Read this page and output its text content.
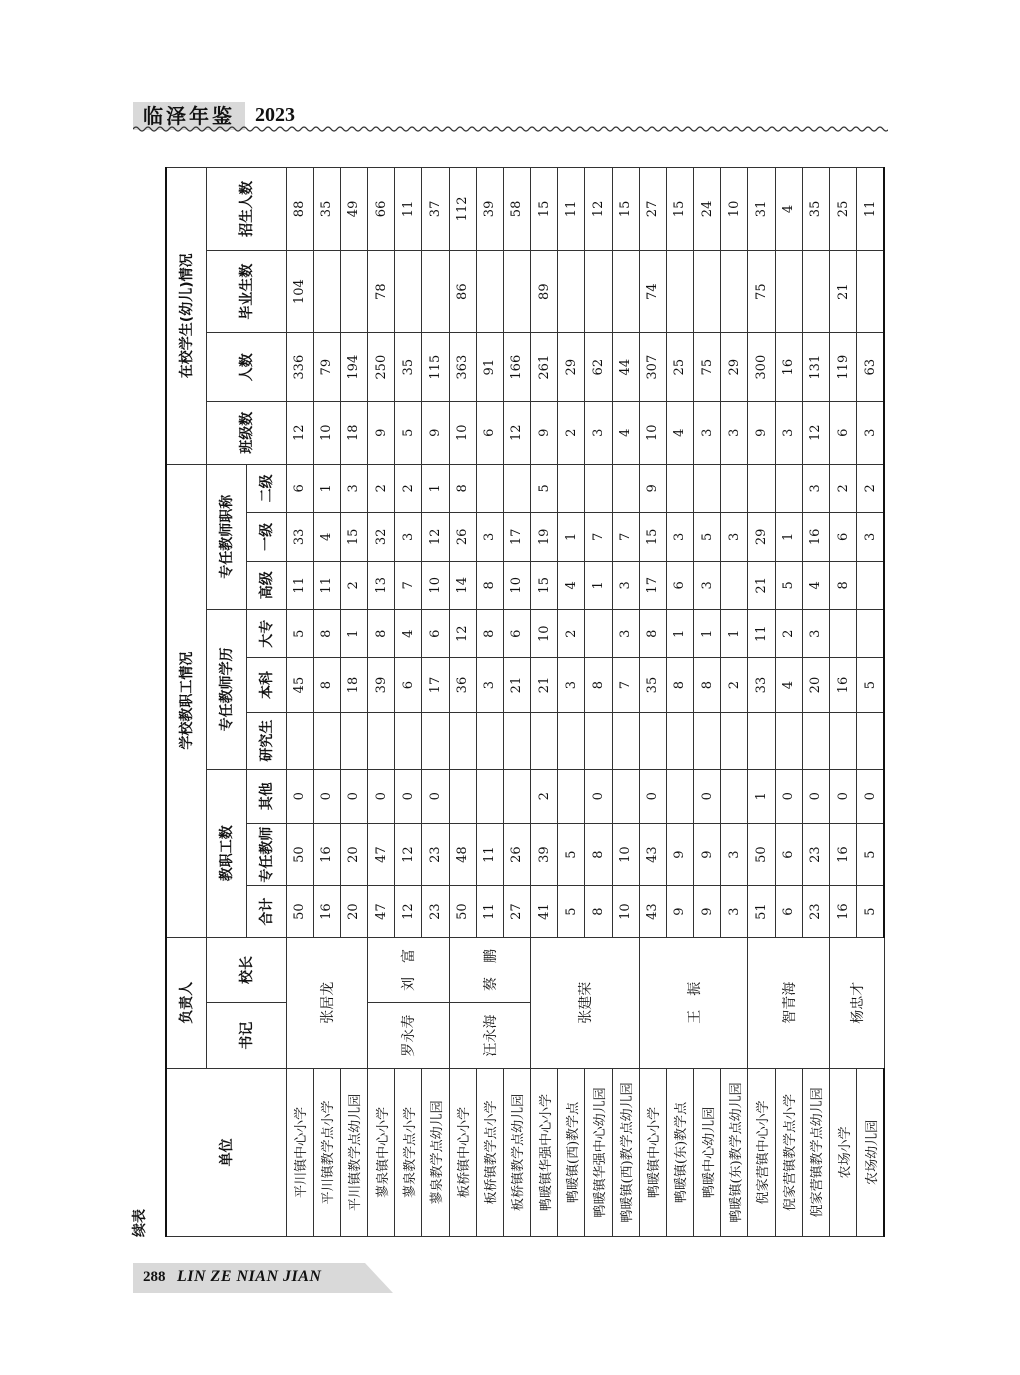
临泽年鉴	2023
续表
单位	负责人		学校教职工情况									在校学生(幼儿)情况			
	书记	校长	教职工数			专任教师学历			专任教师职称			班级数	人数	毕业生数	招生人数
			合计	专任教师	其他	研究生	本科	大专	高级	一级	二级				
平川镇中心小学	张居龙		50	50	0		45	5	11	33	6	12	336	104	88
平川镇教学点小学			16	16	0		8	8	11	4	1	10	79		35
平川镇教学点幼儿园			20	20	0		18	1	2	15	3	18	194		49
蓼泉镇中心小学	罗永寿	刘　富	47	47	0		39	8	13	32	2	9	250	78	66
蓼泉教学点小学			12	12	0		6	4	7	3	2	5	35		11
蓼泉教学点幼儿园			23	23	0		17	6	10	12	1	9	115		37
板桥镇中心小学	汪永海	蔡　鹏	50	48			36	12	14	26	8	10	363	86	112
板桥镇教学点小学			11	11			3	8	8	3		6	91		39
板桥镇教学点幼儿园			27	26			21	6	10	17		12	166		58
鸭暖镇华强中心小学	张建荣		41	39	2		21	10	15	19	5	9	261	89	15
鸭暖镇(西)教学点			5	5			3	2	4	1		2	29		11
鸭暖镇华强中心幼儿园			8	8	0		8		1	7		3	62		12
鸭暖镇(西)教学点幼儿园			10	10			7	3	3	7		4	44		15
鸭暖镇中心小学	王　振		43	43	0		35	8	17	15	9	10	307	74	27
鸭暖镇(东)教学点			9	9			8	1	6	3		4	25		15
鸭暖中心幼儿园			9	9	0		8	1	3	5		3	75		24
鸭暖镇(东)教学点幼儿园			3	3			2	1		3		3	29		10
倪家营镇中心小学	智青海		51	50	1		33	11	21	29		9	300	75	31
倪家营镇教学点小学			6	6	0		4	2	5	1		3	16		4
倪家营镇教学点幼儿园			23	23	0		20	3	4	16	3	12	131		35
农场小学	杨忠才		16	16	0		16		8	6	2	6	119	21	25
农场幼儿园			5	5	0		5			3	2	3	63		11
288 LIN ZE NIAN JIAN
